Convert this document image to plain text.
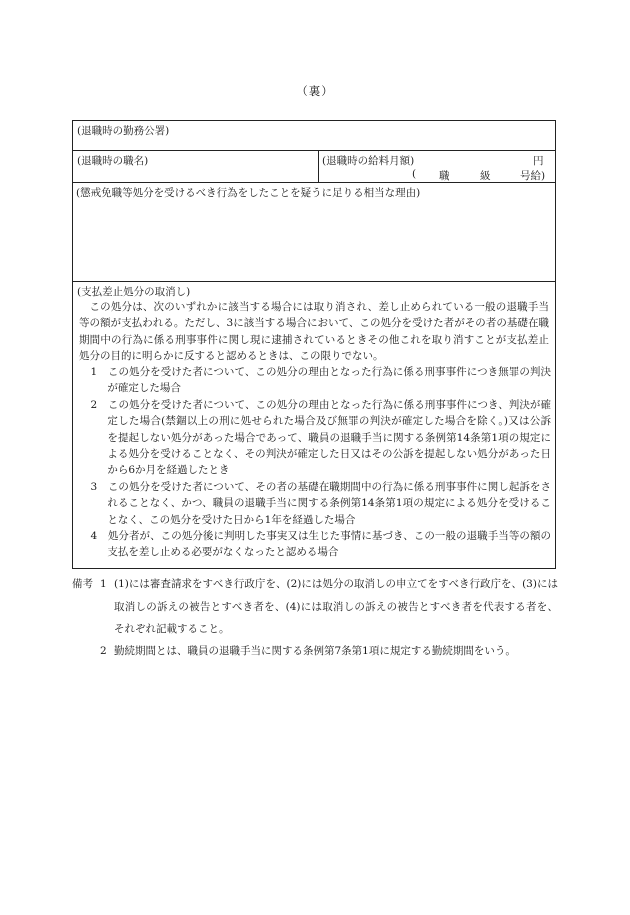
（裏）
(退職時の勤務公署)
(退職時の職名)	(退職時の給料月額)	円
( 職	級	号給)
(懲戒免職等処分を受けるべき行為をしたことを疑うに足りる相当な理由)
(支払差止処分の取消し)
この処分は、次のいずれかに該当する場合には取り消され、差し止められている一般の退職手当等の額が支払われる。ただし、3に該当する場合において、この処分を受けた者がその者の基礎在職期間中の行為に係る刑事事件に関し現に逮捕されているときその他これを取り消すことが支払差止処分の目的に明らかに反すると認めるときは、この限りでない。
1　 この処分を受けた者について、この処分の理由となった行為に係る刑事事件につき無罪の判決が確定した場合
2　 この処分を受けた者について、この処分の理由となった行為に係る刑事事件につき、判決が確定した場合(禁錮以上の刑に処せられた場合及び無罪の判決が確定した場合を除く。)又は公訴を提起しない処分があった場合であって、職員の退職手当に関する条例第14条第1項の規定による処分を受けることなく、その判決が確定した日又はその公訴を提起しない処分があった日から6か月を経過したとき
3　 この処分を受けた者について、その者の基礎在職期間中の行為に係る刑事事件に関し起訴をされることなく、かつ、職員の退職手当に関する条例第14条第1項の規定による処分を受けることなく、この処分を受けた日から1年を経過した場合
4　 処分者が、この処分後に判明した事実又は生じた事情に基づき、この一般の退職手当等の額の支払を差し止める必要がなくなったと認める場合
備考 1 (1)には審査請求をすべき行政庁を、(2)には処分の取消しの申立てをすべき行政庁を、(3)には取消しの訴えの被告とすべき者を、(4)には取消しの訴えの被告とすべき者を代表する者を、それぞれ記載すること。
2 勤続期間とは、職員の退職手当に関する条例第7条第1項に規定する勤続期間をいう。
